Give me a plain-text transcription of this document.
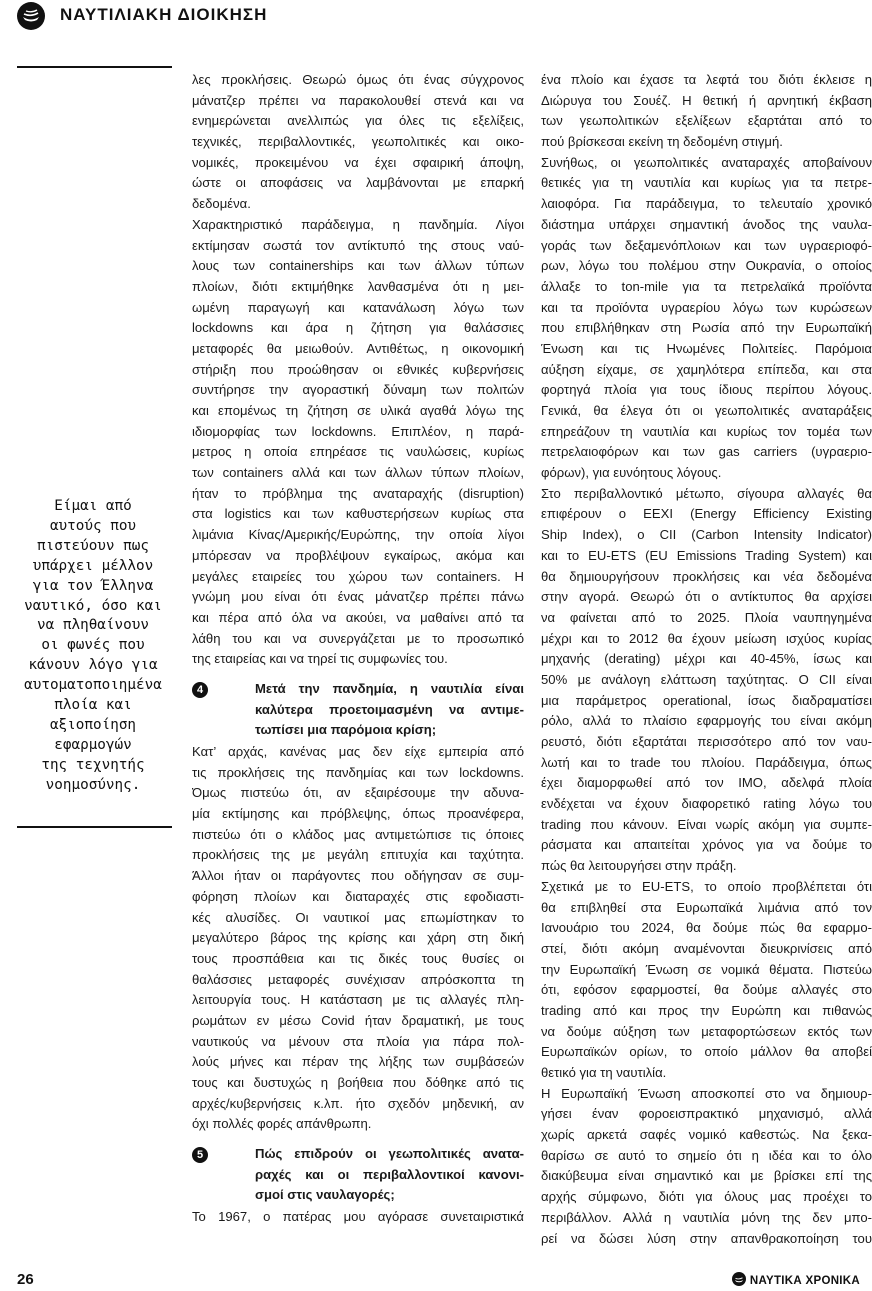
ΝΑΥΤΙΛΙΑΚΗ ΔΙΟΙΚΗΣΗ
Είμαι από
αυτούς που
πιστεύουν πως
υπάρχει μέλλον
για τον Έλληνα
ναυτικό, όσο και
να πληθαίνουν
οι φωνές που
κάνουν λόγο για
αυτοματοποιημένα
πλοία και
αξιοποίηση
εφαρμογών
της τεχνητής
νοημοσύνης.
λες προκλήσεις. Θεωρώ όμως ότι ένας σύγχρονος
μάνατζερ πρέπει να παρακολουθεί στενά και να
ενημερώνεται ανελλιπώς για όλες τις εξελίξεις,
τεχνικές, περιβαλλοντικές, γεωπολιτικές και οικο-
νομικές, προκειμένου να έχει σφαιρική άποψη,
ώστε οι αποφάσεις να λαμβάνονται με επαρκή
δεδομένα.
Χαρακτηριστικό παράδειγμα, η πανδημία. Λίγοι
εκτίμησαν σωστά τον αντίκτυπό της στους ναύ-
λους των containerships και των άλλων τύπων
πλοίων, διότι εκτιμήθηκε λανθασμένα ότι η μει-
ωμένη παραγωγή και κατανάλωση λόγω των
lockdowns και άρα η ζήτηση για θαλάσσιες
μεταφορές θα μειωθούν. Αντιθέτως, η οικονομική
στήριξη που προώθησαν οι εθνικές κυβερνήσεις
συντήρησε την αγοραστική δύναμη των πολιτών
και επομένως τη ζήτηση σε υλικά αγαθά λόγω της
ιδιομορφίας των lockdowns. Επιπλέον, η παρά-
μετρος η οποία επηρέασε τις ναυλώσεις, κυρίως
των containers αλλά και των άλλων τύπων πλοίων,
ήταν το πρόβλημα της αναταραχής (disruption)
στα logistics και των καθυστερήσεων κυρίως στα
λιμάνια Κίνας/Αμερικής/Ευρώπης, την οποία λίγοι
μπόρεσαν να προβλέψουν εγκαίρως, ακόμα και
μεγάλες εταιρείες του χώρου των containers. Η
γνώμη μου είναι ότι ένας μάνατζερ πρέπει πάνω
και πέρα από όλα να ακούει, να μαθαίνει από τα
λάθη του και να συνεργάζεται με το προσωπικό
της εταιρείας και να τηρεί τις συμφωνίες του.
4	Μετά την πανδημία, η ναυτιλία είναι
καλύτερα προετοιμασμένη να αντιμε-
τωπίσει μια παρόμοια κρίση;
Κατ’ αρχάς, κανένας μας δεν είχε εμπειρία από
τις προκλήσεις της πανδημίας και των lockdowns.
Όμως πιστεύω ότι, αν εξαιρέσουμε την αδυνα-
μία εκτίμησης και πρόβλεψης, όπως προανέφερα,
πιστεύω ότι ο κλάδος μας αντιμετώπισε τις όποιες
προκλήσεις της με μεγάλη επιτυχία και ταχύτητα.
Άλλοι ήταν οι παράγοντες που οδήγησαν σε συμ-
φόρηση πλοίων και διαταραχές στις εφοδιαστι-
κές αλυσίδες. Οι ναυτικοί μας επωμίστηκαν το
μεγαλύτερο βάρος της κρίσης και χάρη στη δική
τους προσπάθεια και τις δικές τους θυσίες οι
θαλάσσιες μεταφορές συνέχισαν απρόσκοπτα τη
λειτουργία τους. Η κατάσταση με τις αλλαγές πλη-
ρωμάτων εν μέσω Covid ήταν δραματική, με τους
ναυτικούς να μένουν στα πλοία για πάρα πολ-
λούς μήνες και πέραν της λήξης των συμβάσεών
τους και δυστυχώς η βοήθεια που δόθηκε από τις
αρχές/κυβερνήσεις κ.λπ. ήτο σχεδόν μηδενική, αν
όχι πολλές φορές απάνθρωπη.
5	Πώς επιδρούν οι γεωπολιτικές ανατα-
ραχές και οι περιβαλλοντικοί κανονι-
σμοί στις ναυλαγορές;
Το 1967, ο πατέρας μου αγόρασε συνεταιριστικά
ένα πλοίο και έχασε τα λεφτά του διότι έκλεισε η
Διώρυγα του Σουέζ. Η θετική ή αρνητική έκβαση
των γεωπολιτικών εξελίξεων εξαρτάται από το
πού βρίσκεσαι εκείνη τη δεδομένη στιγμή.
Συνήθως, οι γεωπολιτικές αναταραχές αποβαίνουν
θετικές για τη ναυτιλία και κυρίως για τα πετρε-
λαιοφόρα. Για παράδειγμα, το τελευταίο χρονικό
διάστημα υπάρχει σημαντική άνοδος της ναυλα-
γοράς των δεξαμενόπλοιων και των υγραεριοφό-
ρων, λόγω του πολέμου στην Ουκρανία, ο οποίος
άλλαξε το ton-mile για τα πετρελαϊκά προϊόντα
και τα προϊόντα υγραερίου λόγω των κυρώσεων
που επιβλήθηκαν στη Ρωσία από την Ευρωπαϊκή
Ένωση και τις Ηνωμένες Πολιτείες. Παρόμοια
αύξηση είχαμε, σε χαμηλότερα επίπεδα, και στα
φορτηγά πλοία για τους ίδιους περίπου λόγους.
Γενικά, θα έλεγα ότι οι γεωπολιτικές αναταράξεις
επηρεάζουν τη ναυτιλία και κυρίως τον τομέα των
πετρελαιοφόρων και των gas carriers (υγραεριο-
φόρων), για ευνόητους λόγους.
Στο περιβαλλοντικό μέτωπο, σίγουρα αλλαγές θα
επιφέρουν ο EEXI (Energy Efficiency Existing
Ship Index), ο CII (Carbon Intensity Indicator)
και το EU-ETS (EU Emissions Trading System) και
θα δημιουργήσουν προκλήσεις και νέα δεδομένα
στην αγορά. Θεωρώ ότι ο αντίκτυπος θα αρχίσει
να φαίνεται από το 2025. Πλοία ναυπηγημένα
μέχρι και το 2012 θα έχουν μείωση ισχύος κυρίας
μηχανής (derating) μέχρι και 40-45%, ίσως και
50% με ανάλογη ελάττωση ταχύτητας. Ο CII είναι
μια παράμετρος operational, ίσως διαδραματίσει
ρόλο, αλλά το πλαίσιο εφαρμογής του είναι ακόμη
ρευστό, διότι εξαρτάται περισσότερο από τον ναυ-
λωτή και το trade του πλοίου. Παράδειγμα, όπως
έχει διαμορφωθεί από τον IMO, αδελφά πλοία
ενδέχεται να έχουν διαφορετικό rating λόγω του
trading που κάνουν. Είναι νωρίς ακόμη για συμπε-
ράσματα και απαιτείται χρόνος για να δούμε το
πώς θα λειτουργήσει στην πράξη.
Σχετικά με το EU-ETS, το οποίο προβλέπεται ότι
θα επιβληθεί στα Ευρωπαϊκά λιμάνια από τον
Ιανουάριο του 2024, θα δούμε πώς θα εφαρμο-
στεί, διότι ακόμη αναμένονται διευκρινίσεις από
την Ευρωπαϊκή Ένωση σε νομικά θέματα. Πιστεύω
ότι, εφόσον εφαρμοστεί, θα δούμε αλλαγές στο
trading από και προς την Ευρώπη και πιθανώς
να δούμε αύξηση των μεταφορτώσεων εκτός των
Ευρωπαϊκών ορίων, το οποίο μάλλον θα αποβεί
θετικό για τη ναυτιλία.
Η Ευρωπαϊκή Ένωση αποσκοπεί στο να δημιουρ-
γήσει έναν φοροεισπρακτικό μηχανισμό, αλλά
χωρίς αρκετά σαφές νομικό καθεστώς. Να ξεκα-
θαρίσω σε αυτό το σημείο ότι η ιδέα και το όλο
διακύβευμα είναι σημαντικό και με βρίσκει επί της
αρχής σύμφωνο, διότι για όλους μας προέχει το
περιβάλλον. Αλλά η ναυτιλία μόνη της δεν μπο-
ρεί να δώσει λύση στην απανθρακοποίηση του
26	ΝΑΥΤΙΚΑ ΧΡΟΝΙΚΑ
